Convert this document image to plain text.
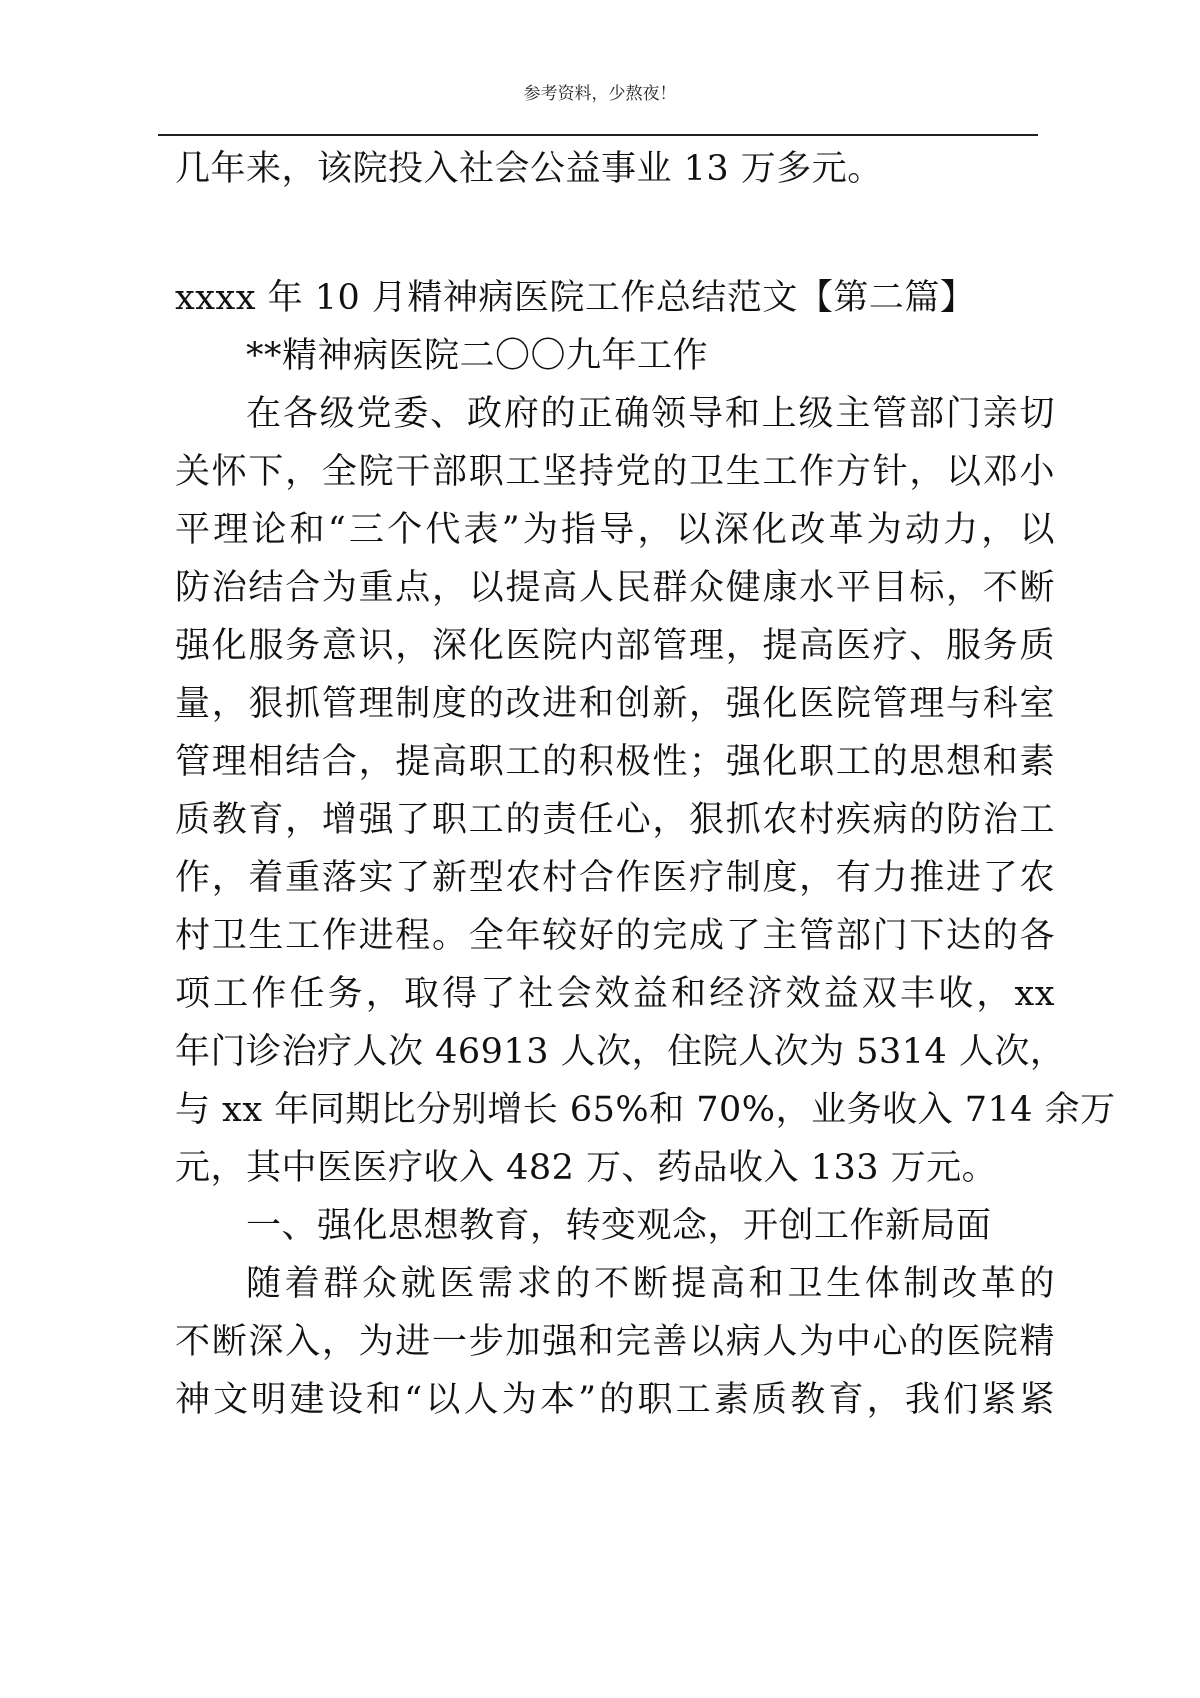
参考资料，少熬夜！
几年来，该院投入社会公益事业 13 万多元。
xxxx 年 10 月精神病医院工作总结范文【第二篇】
**精神病医院二〇〇九年工作
在各级党委、政府的正确领导和上级主管部门亲切
关怀下，全院干部职工坚持党的卫生工作方针，以邓小
平理论和“三个代表”为指导，以深化改革为动力，以
防治结合为重点，以提高人民群众健康水平目标，不断
强化服务意识，深化医院内部管理，提高医疗、服务质
量，狠抓管理制度的改进和创新，强化医院管理与科室
管理相结合，提高职工的积极性；强化职工的思想和素
质教育，增强了职工的责任心，狠抓农村疾病的防治工
作，着重落实了新型农村合作医疗制度，有力推进了农
村卫生工作进程。全年较好的完成了主管部门下达的各
项工作任务，取得了社会效益和经济效益双丰收，xx
年门诊治疗人次 46913 人次，住院人次为 5314 人次，
与 xx 年同期比分别增长 65%和 70%，业务收入 714 余万
元，其中医医疗收入 482 万、药品收入 133 万元。
一、强化思想教育，转变观念，开创工作新局面
随着群众就医需求的不断提高和卫生体制改革的
不断深入，为进一步加强和完善以病人为中心的医院精
神文明建设和“以人为本”的职工素质教育，我们紧紧
